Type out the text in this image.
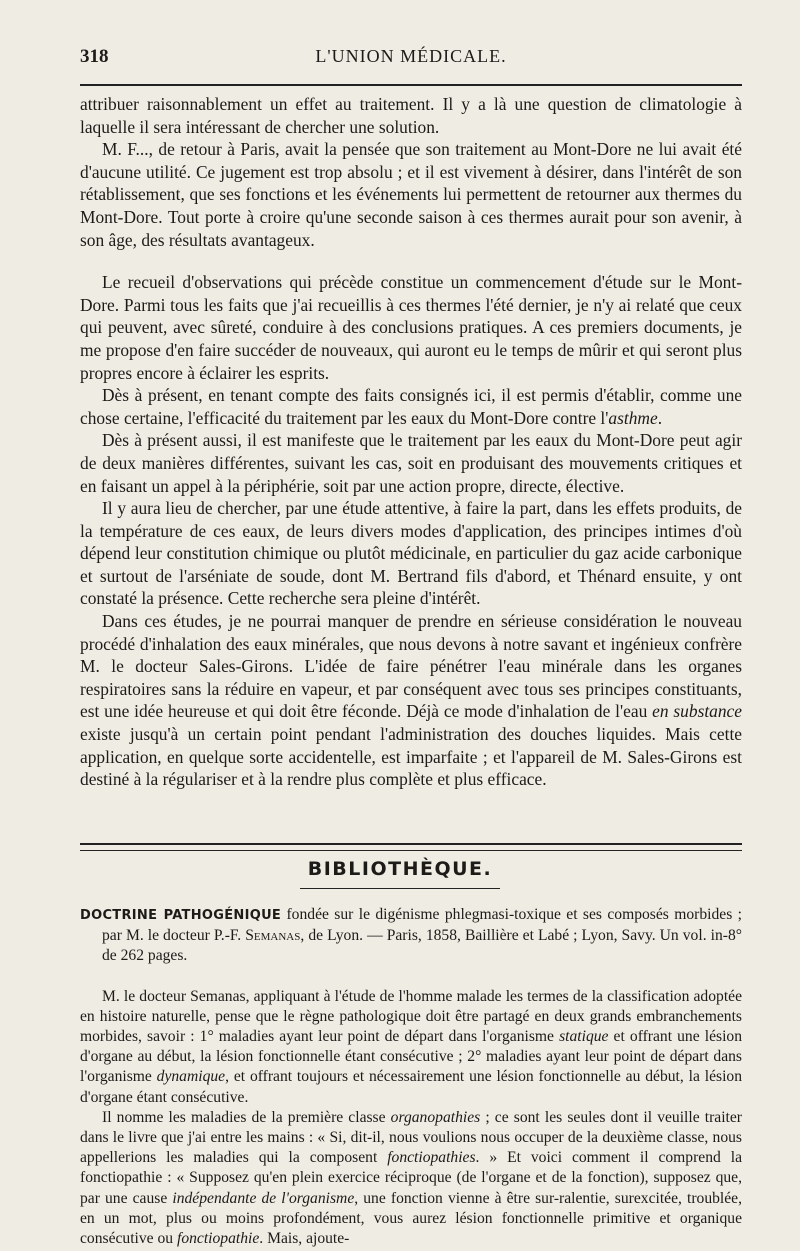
318	L'UNION MÉDICALE.

attribuer raisonnablement un effet au traitement. Il y a là une question de climatologie à laquelle il sera intéressant de chercher une solution.

M. F..., de retour à Paris, avait la pensée que son traitement au Mont-Dore ne lui avait été d'aucune utilité. Ce jugement est trop absolu ; et il est vivement à désirer, dans l'intérêt de son rétablissement, que ses fonctions et les événements lui permettent de retourner aux thermes du Mont-Dore. Tout porte à croire qu'une seconde saison à ces thermes aurait pour son avenir, à son âge, des résultats avantageux.

Le recueil d'observations qui précède constitue un commencement d'étude sur le Mont-Dore. Parmi tous les faits que j'ai recueillis à ces thermes l'été dernier, je n'y ai relaté que ceux qui peuvent, avec sûreté, conduire à des conclusions pratiques. A ces premiers documents, je me propose d'en faire succéder de nouveaux, qui auront eu le temps de mûrir et qui seront plus propres encore à éclairer les esprits.

Dès à présent, en tenant compte des faits consignés ici, il est permis d'établir, comme une chose certaine, l'efficacité du traitement par les eaux du Mont-Dore contre l'asthme.

Dès à présent aussi, il est manifeste que le traitement par les eaux du Mont-Dore peut agir de deux manières différentes, suivant les cas, soit en produisant des mouvements critiques et en faisant un appel à la périphérie, soit par une action propre, directe, élective.

Il y aura lieu de chercher, par une étude attentive, à faire la part, dans les effets produits, de la température de ces eaux, de leurs divers modes d'application, des principes intimes d'où dépend leur constitution chimique ou plutôt médicinale, en particulier du gaz acide carbonique et surtout de l'arséniate de soude, dont M. Bertrand fils d'abord, et Thénard ensuite, y ont constaté la présence. Cette recherche sera pleine d'intérêt.

Dans ces études, je ne pourrai manquer de prendre en sérieuse considération le nouveau procédé d'inhalation des eaux minérales, que nous devons à notre savant et ingénieux confrère M. le docteur Sales-Girons. L'idée de faire pénétrer l'eau minérale dans les organes respiratoires sans la réduire en vapeur, et par conséquent avec tous ses principes constituants, est une idée heureuse et qui doit être féconde. Déjà ce mode d'inhalation de l'eau en substance existe jusqu'à un certain point pendant l'administration des douches liquides. Mais cette application, en quelque sorte accidentelle, est imparfaite ; et l'appareil de M. Sales-Girons est destiné à la régulariser et à la rendre plus complète et plus efficace.

BIBLIOTHÈQUE.

DOCTRINE PATHOGÉNIQUE fondée sur le digénisme phlegmasi-toxique et ses composés morbides ; par M. le docteur P.-F. Semanas, de Lyon. — Paris, 1858, Baillière et Labé ; Lyon, Savy. Un vol. in-8° de 262 pages.

M. le docteur Semanas, appliquant à l'étude de l'homme malade les termes de la classification adoptée en histoire naturelle, pense que le règne pathologique doit être partagé en deux grands embranchements morbides, savoir : 1° maladies ayant leur point de départ dans l'organisme statique et offrant une lésion d'organe au début, la lésion fonctionnelle étant consécutive ; 2° maladies ayant leur point de départ dans l'organisme dynamique, et offrant toujours et nécessairement une lésion fonctionnelle au début, la lésion d'organe étant consécutive.

Il nomme les maladies de la première classe organopathies ; ce sont les seules dont il veuille traiter dans le livre que j'ai entre les mains : « Si, dit-il, nous voulions nous occuper de la deuxième classe, nous appellerions les maladies qui la composent fonctiopathies. » Et voici comment il comprend la fonctiopathie : « Supposez qu'en plein exercice réciproque (de l'organe et de la fonction), supposez que, par une cause indépendante de l'organisme, une fonction vienne à être sur-ralentie, surexcitée, troublée, en un mot, plus ou moins profondément, vous aurez lésion fonctionnelle primitive et organique consécutive ou fonctiopathie. Mais, ajoute-
